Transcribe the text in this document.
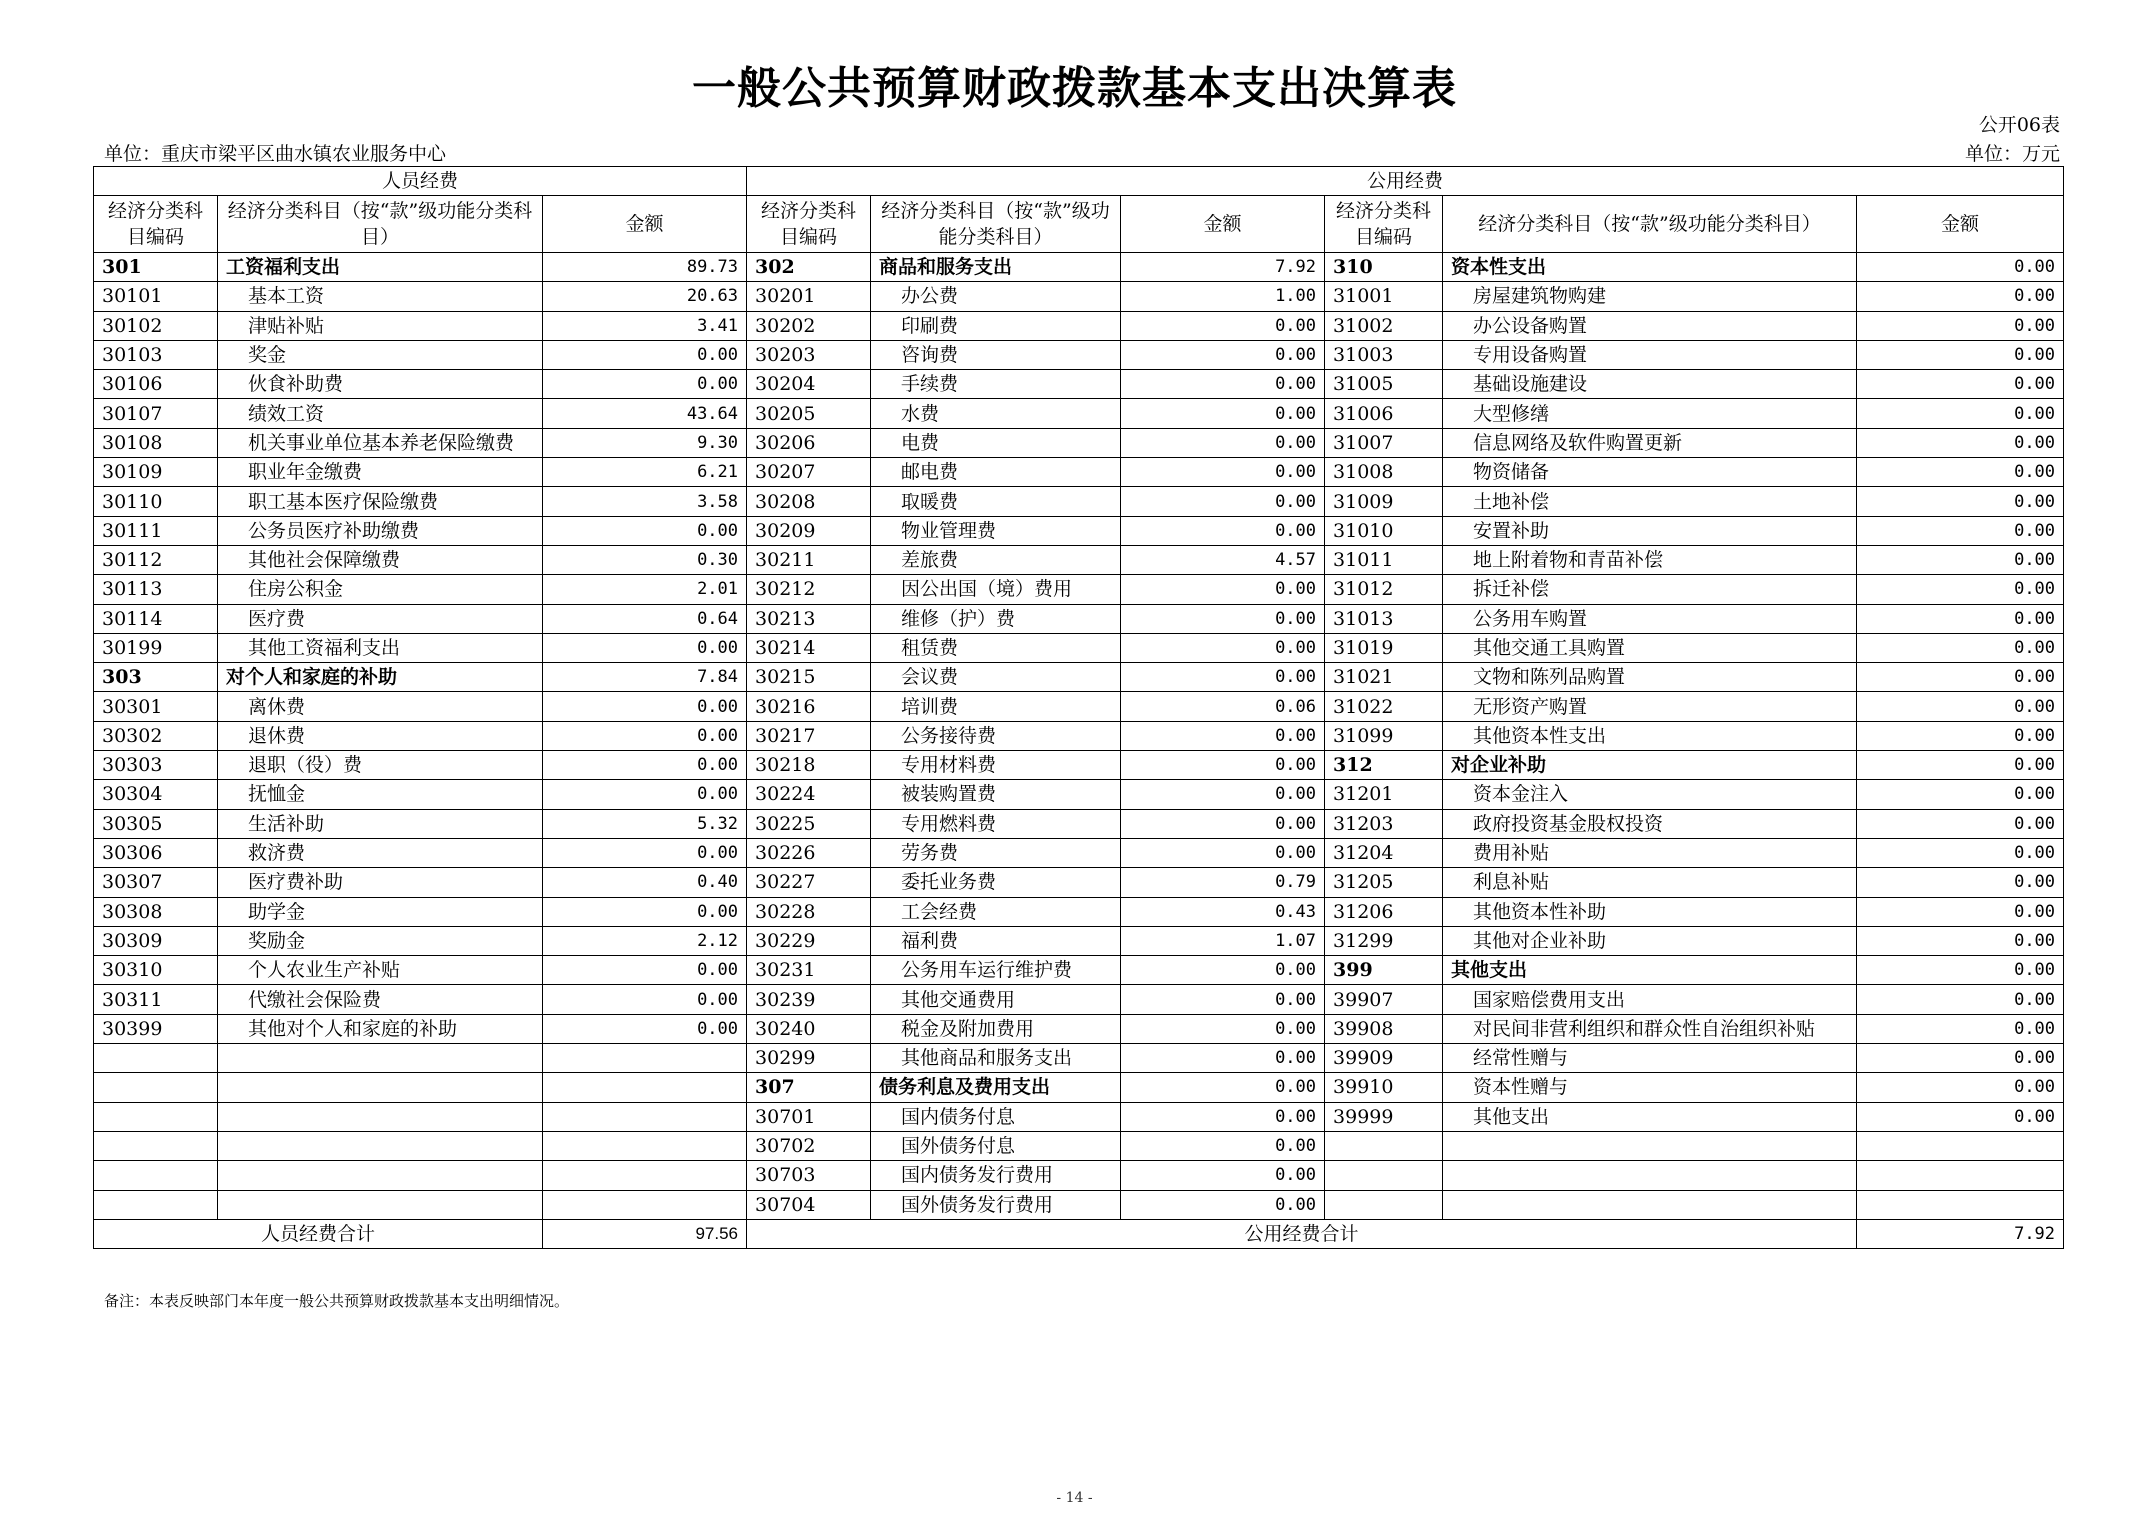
一般公共预算财政拨款基本支出决算表
公开06表
单位：重庆市梁平区曲水镇农业服务中心	单位：万元
人员经费			公用经费					
经济分类科目编码	经济分类科目（按“款”级功能分类科目）	金额	经济分类科目编码	经济分类科目（按“款”级功能分类科目）	金额	经济分类科目编码	经济分类科目（按“款”级功能分类科目）	金额
301	工资福利支出	89.73	302	商品和服务支出	7.92	310	资本性支出	0.00
30101	基本工资	20.63	30201	办公费	1.00	31001	房屋建筑物购建	0.00
30102	津贴补贴	3.41	30202	印刷费	0.00	31002	办公设备购置	0.00
30103	奖金	0.00	30203	咨询费	0.00	31003	专用设备购置	0.00
30106	伙食补助费	0.00	30204	手续费	0.00	31005	基础设施建设	0.00
30107	绩效工资	43.64	30205	水费	0.00	31006	大型修缮	0.00
30108	机关事业单位基本养老保险缴费	9.30	30206	电费	0.00	31007	信息网络及软件购置更新	0.00
30109	职业年金缴费	6.21	30207	邮电费	0.00	31008	物资储备	0.00
30110	职工基本医疗保险缴费	3.58	30208	取暖费	0.00	31009	土地补偿	0.00
30111	公务员医疗补助缴费	0.00	30209	物业管理费	0.00	31010	安置补助	0.00
30112	其他社会保障缴费	0.30	30211	差旅费	4.57	31011	地上附着物和青苗补偿	0.00
30113	住房公积金	2.01	30212	因公出国（境）费用	0.00	31012	拆迁补偿	0.00
30114	医疗费	0.64	30213	维修（护）费	0.00	31013	公务用车购置	0.00
30199	其他工资福利支出	0.00	30214	租赁费	0.00	31019	其他交通工具购置	0.00
303	对个人和家庭的补助	7.84	30215	会议费	0.00	31021	文物和陈列品购置	0.00
30301	离休费	0.00	30216	培训费	0.06	31022	无形资产购置	0.00
30302	退休费	0.00	30217	公务接待费	0.00	31099	其他资本性支出	0.00
30303	退职（役）费	0.00	30218	专用材料费	0.00	312	对企业补助	0.00
30304	抚恤金	0.00	30224	被装购置费	0.00	31201	资本金注入	0.00
30305	生活补助	5.32	30225	专用燃料费	0.00	31203	政府投资基金股权投资	0.00
30306	救济费	0.00	30226	劳务费	0.00	31204	费用补贴	0.00
30307	医疗费补助	0.40	30227	委托业务费	0.79	31205	利息补贴	0.00
30308	助学金	0.00	30228	工会经费	0.43	31206	其他资本性补助	0.00
30309	奖励金	2.12	30229	福利费	1.07	31299	其他对企业补助	0.00
30310	个人农业生产补贴	0.00	30231	公务用车运行维护费	0.00	399	其他支出	0.00
30311	代缴社会保险费	0.00	30239	其他交通费用	0.00	39907	国家赔偿费用支出	0.00
30399	其他对个人和家庭的补助	0.00	30240	税金及附加费用	0.00	39908	对民间非营利组织和群众性自治组织补贴	0.00
			30299	其他商品和服务支出	0.00	39909	经常性赠与	0.00
			307	债务利息及费用支出	0.00	39910	资本性赠与	0.00
			30701	国内债务付息	0.00	39999	其他支出	0.00
			30702	国外债务付息	0.00			
			30703	国内债务发行费用	0.00			
			30704	国外债务发行费用	0.00			
人员经费合计		97.56	公用经费合计					7.92
备注：本表反映部门本年度一般公共预算财政拨款基本支出明细情况。
- 14 -
